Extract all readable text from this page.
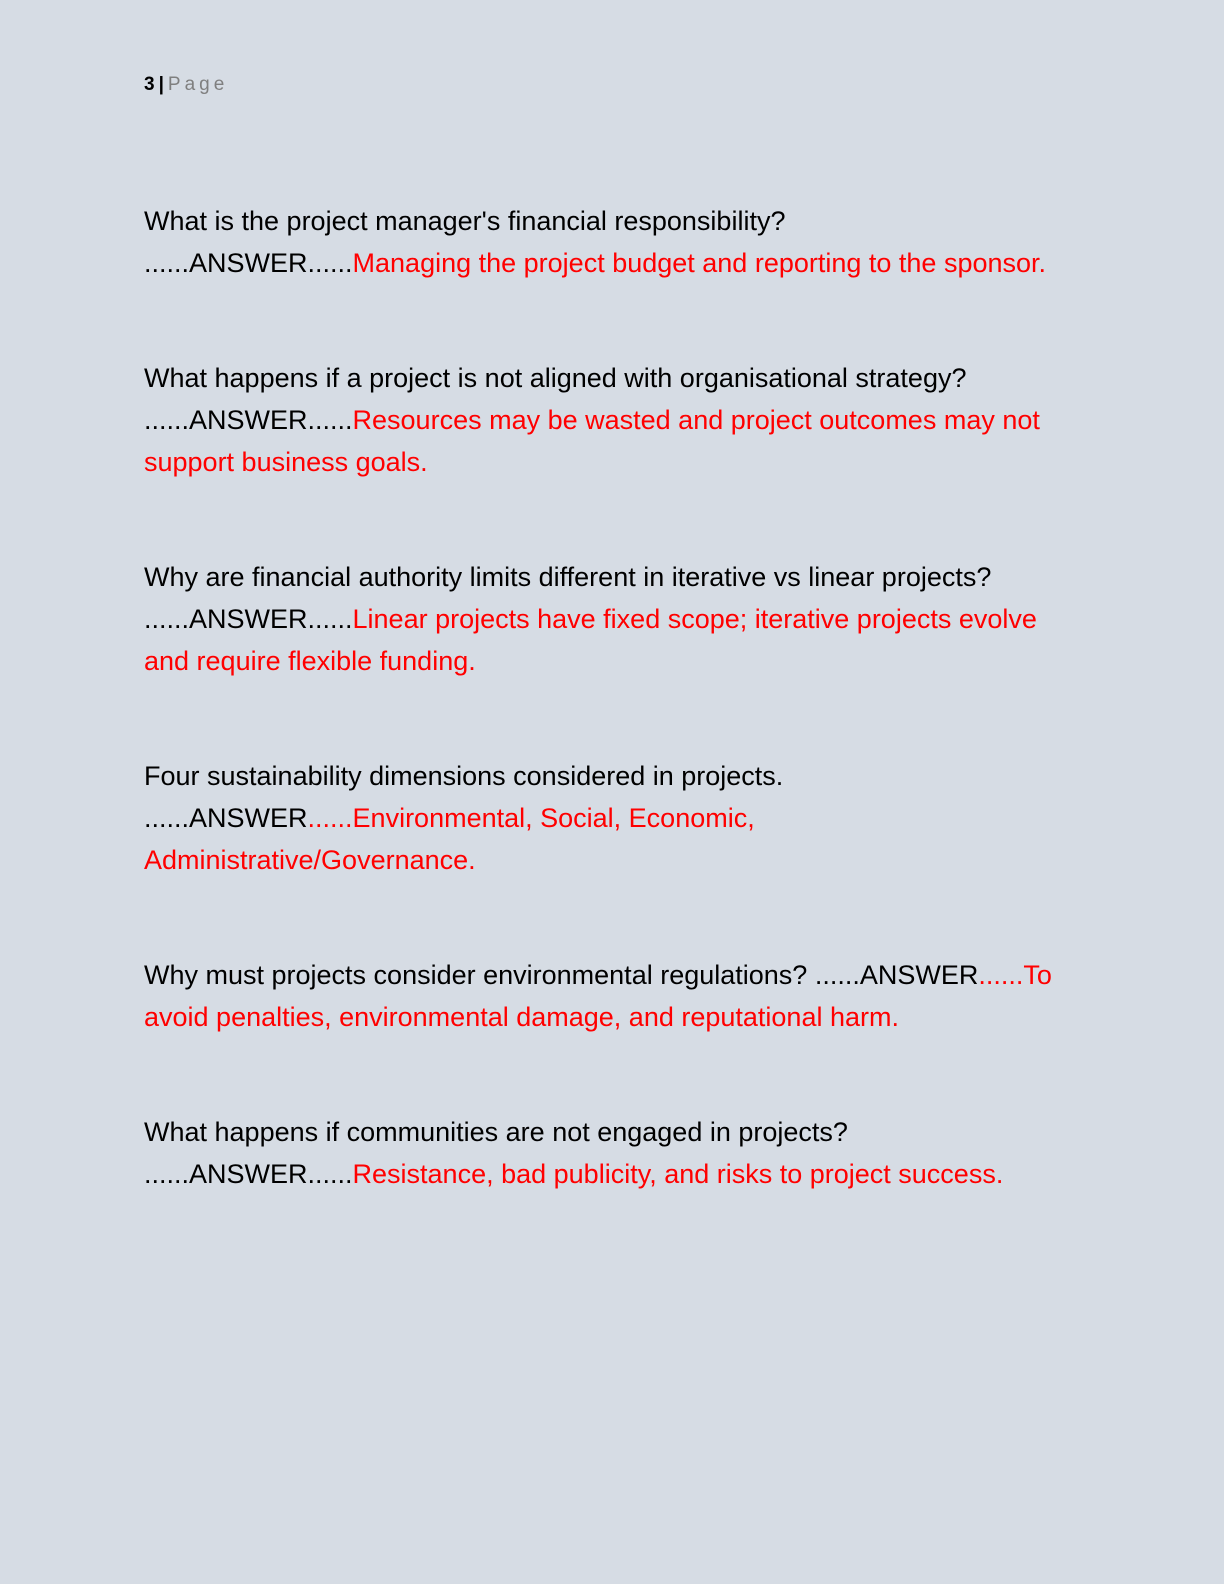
3 | Page

What is the project manager's financial responsibility? ......ANSWER......Managing the project budget and reporting to the sponsor.

What happens if a project is not aligned with organisational strategy? ......ANSWER......Resources may be wasted and project outcomes may not support business goals.

Why are financial authority limits different in iterative vs linear projects? ......ANSWER......Linear projects have fixed scope; iterative projects evolve and require flexible funding.

Four sustainability dimensions considered in projects. ......ANSWER......Environmental, Social, Economic, Administrative/Governance.

Why must projects consider environmental regulations? ......ANSWER......To avoid penalties, environmental damage, and reputational harm.

What happens if communities are not engaged in projects? ......ANSWER......Resistance, bad publicity, and risks to project success.
